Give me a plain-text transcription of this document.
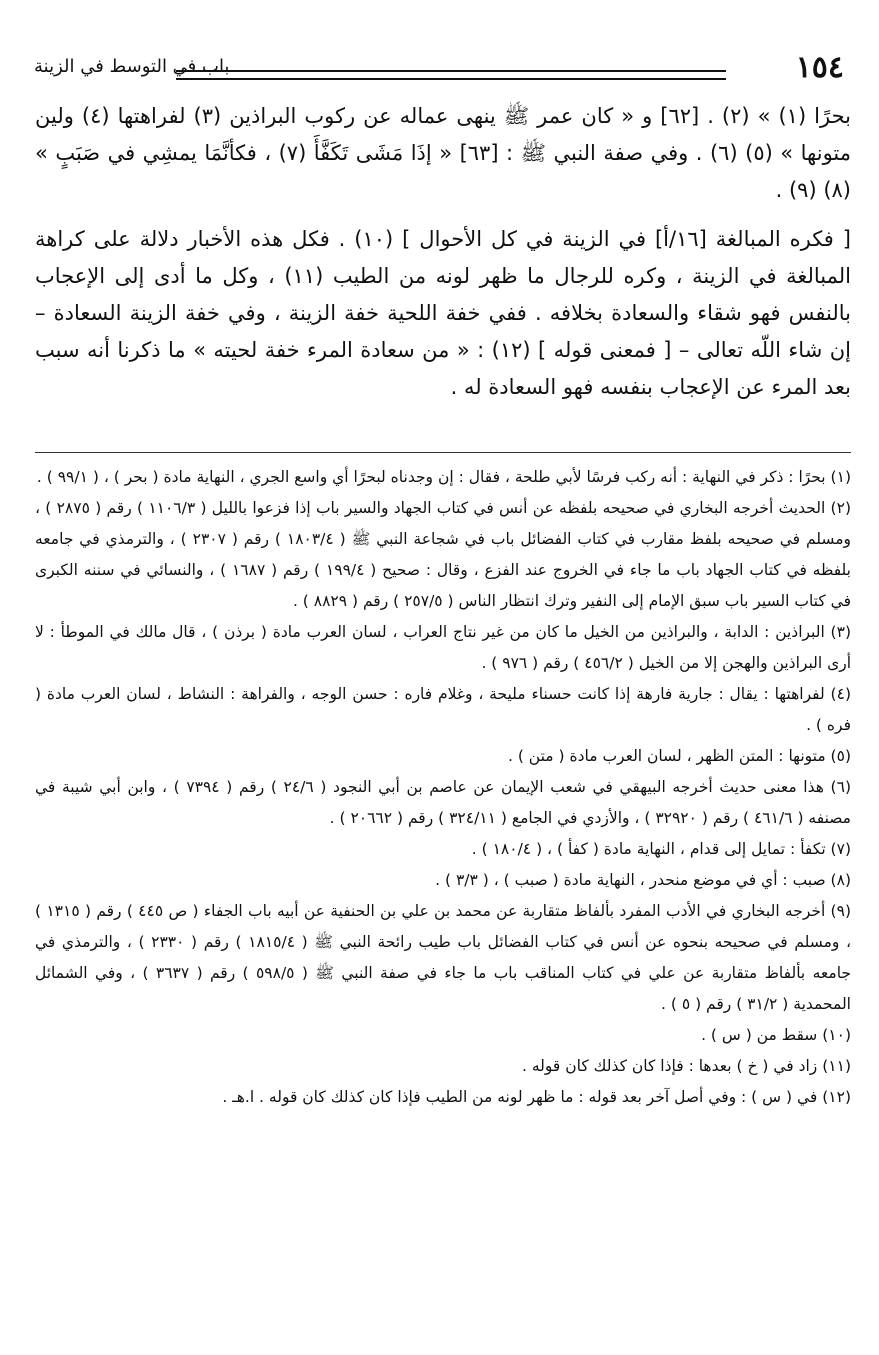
١٥٤
باب في التوسط في الزينة

بحرًا (١) » (٢) . [٦٢] و « كان عمر ﷺ ينهى عماله عن ركوب البراذين (٣) لفراهتها (٤) ولين متونها » (٥) (٦) . وفي صفة النبي ﷺ : [٦٣] « إذَا مَشَى تَكَفَّأَ (٧) ، فكأنَّمَا يمشِي في صَبَبٍ » (٨) (٩) .

[ فكره المبالغة [١٦/أ] في الزينة في كل الأحوال ] (١٠) . فكل هذه الأخبار دلالة على كراهة المبالغة في الزينة ، وكره للرجال ما ظهر لونه من الطيب (١١) ، وكل ما أدى إلى الإعجاب بالنفس فهو شقاء والسعادة بخلافه . ففي خفة اللحية خفة الزينة ، وفي خفة الزينة السعادة – إن شاء اللّه تعالى – [ فمعنى قوله ] (١٢) : « من سعادة المرء خفة لحيته » ما ذكرنا أنه سبب بعد المرء عن الإعجاب بنفسه فهو السعادة له .

(١) بحرًا : ذكر في النهاية : أنه ركب فرسًا لأبي طلحة ، فقال : إن وجدناه لبحرًا أي واسع الجري ، النهاية مادة ( بحر ) ، ( ٩٩/١ ) .

(٢) الحديث أخرجه البخاري في صحيحه بلفظه عن أنس في كتاب الجهاد والسير باب إذا فزعوا بالليل ( ١١٠٦/٣ ) رقم ( ٢٨٧٥ ) ، ومسلم في صحيحه بلفظ مقارب في كتاب الفضائل باب في شجاعة النبي ﷺ ( ١٨٠٣/٤ ) رقم ( ٢٣٠٧ ) ، والترمذي في جامعه بلفظه في كتاب الجهاد باب ما جاء في الخروج عند الفزع ، وقال : صحيح ( ١٩٩/٤ ) رقم ( ١٦٨٧ ) ، والنسائي في سننه الكبرى في كتاب السير باب سبق الإمام إلى النفير وترك انتظار الناس ( ٢٥٧/٥ ) رقم ( ٨٨٢٩ ) .

(٣) البراذين : الدابة ، والبراذين من الخيل ما كان من غير نتاج العراب ، لسان العرب مادة ( برذن ) ، قال مالك في الموطأ : لا أرى البراذين والهجن إلا من الخيل ( ٤٥٦/٢ ) رقم ( ٩٧٦ ) .

(٤) لفراهتها : يقال : جارية فارهة إذا كانت حسناء مليحة ، وغلام فاره : حسن الوجه ، والفراهة : النشاط ، لسان العرب مادة ( فره ) .

(٥) متونها : المتن الظهر ، لسان العرب مادة ( متن ) .

(٦) هذا معنى حديث أخرجه البيهقي في شعب الإيمان عن عاصم بن أبي النجود ( ٢٤/٦ ) رقم ( ٧٣٩٤ ) ، وابن أبي شيبة في مصنفه ( ٤٦١/٦ ) رقم ( ٣٢٩٢٠ ) ، والأزدي في الجامع ( ٣٢٤/١١ ) رقم ( ٢٠٦٦٢ ) .

(٧) تكفأ : تمايل إلى قدام ، النهاية مادة ( كفأ ) ، ( ١٨٠/٤ ) .

(٨) صبب : أي في موضع منحدر ، النهاية مادة ( صبب ) ، ( ٣/٣ ) .

(٩) أخرجه البخاري في الأدب المفرد بألفاظ متقاربة عن محمد بن علي بن الحنفية عن أبيه باب الجفاء ( ص ٤٤٥ ) رقم ( ١٣١٥ ) ، ومسلم في صحيحه بنحوه عن أنس في كتاب الفضائل باب طيب رائحة النبي ﷺ ( ١٨١٥/٤ ) رقم ( ٢٣٣٠ ) ، والترمذي في جامعه بألفاظ متقاربة عن علي في كتاب المناقب باب ما جاء في صفة النبي ﷺ ( ٥٩٨/٥ ) رقم ( ٣٦٣٧ ) ، وفي الشمائل المحمدية ( ٣١/٢ ) رقم ( ٥ ) .

(١٠) سقط من ( س ) .

(١١) زاد في ( خ ) بعدها : فإذا كان كذلك كان قوله .

(١٢) في ( س ) : وفي أصل آخر بعد قوله : ما ظهر لونه من الطيب فإذا كان كذلك كان قوله . ا.هـ .
